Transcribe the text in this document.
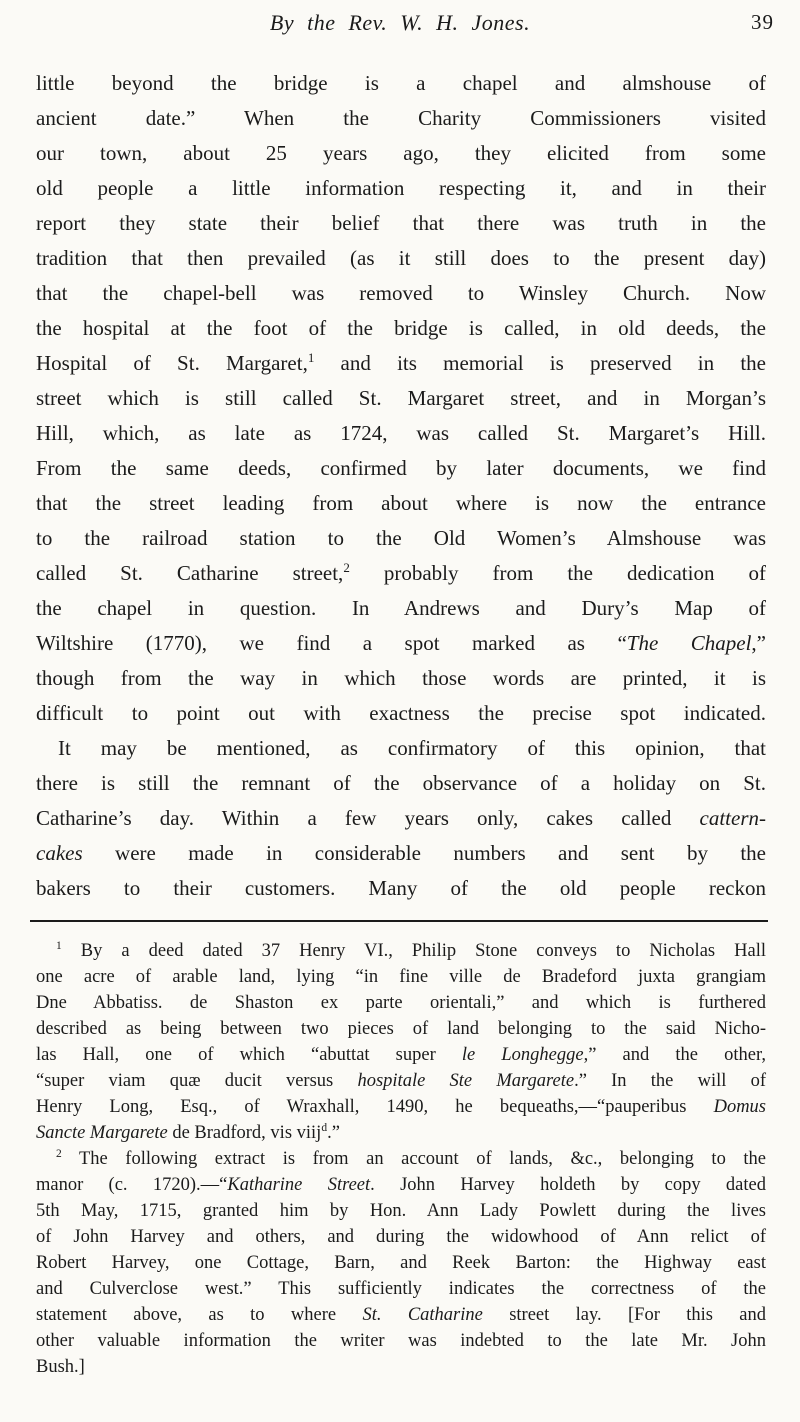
By the Rev. W. H. Jones.	39
little beyond the bridge is a chapel and almshouse of
ancient date.” When the Charity Commissioners visited
our town, about 25 years ago, they elicited from some
old people a little information respecting it, and in their
report they state their belief that there was truth in the
tradition that then prevailed (as it still does to the present day)
that the chapel-bell was removed to Winsley Church. Now
the hospital at the foot of the bridge is called, in old deeds, the
Hospital of St. Margaret,$^1$ and its memorial is preserved in the
street which is still called St. Margaret street, and in Morgan’s
Hill, which, as late as 1724, was called St. Margaret’s Hill.
From the same deeds, confirmed by later documents, we find
that the street leading from about where is now the entrance
to the railroad station to the Old Women’s Almshouse was
called St. Catharine street,$^2$ probably from the dedication of
the chapel in question. In Andrews and Dury’s Map of
Wiltshire (1770), we find a spot marked as “The Chapel,”
though from the way in which those words are printed, it is
difficult to point out with exactness the precise spot indicated.
It may be mentioned, as confirmatory of this opinion, that
there is still the remnant of the observance of a holiday on St.
Catharine’s day. Within a few years only, cakes called cattern-
cakes were made in considerable numbers and sent by the
bakers to their customers. Many of the old people reckon
$^1$ By a deed dated 37 Henry VI., Philip Stone conveys to Nicholas Hall
one acre of arable land, lying “in fine ville de Bradeford juxta grangiam
Dne Abbatiss. de Shaston ex parte orientali,” and which is furthered
described as being between two pieces of land belonging to the said Nicho-
las Hall, one of which “abuttat super le Longhegge,” and the other,
“super viam quæ ducit versus hospitale Ste Margarete.” In the will of
Henry Long, Esq., of Wraxhall, 1490, he bequeaths,—“pauperibus Domus
Sancte Margarete de Bradford, vis viij$^d$.”
$^2$ The following extract is from an account of lands, &c., belonging to the
manor (c. 1720).—“Katharine Street. John Harvey holdeth by copy dated
5th May, 1715, granted him by Hon. Ann Lady Powlett during the lives
of John Harvey and others, and during the widowhood of Ann relict of
Robert Harvey, one Cottage, Barn, and Reek Barton: the Highway east
and Culverclose west.” This sufficiently indicates the correctness of the
statement above, as to where St. Catharine street lay. [For this and
other valuable information the writer was indebted to the late Mr. John
Bush.]
